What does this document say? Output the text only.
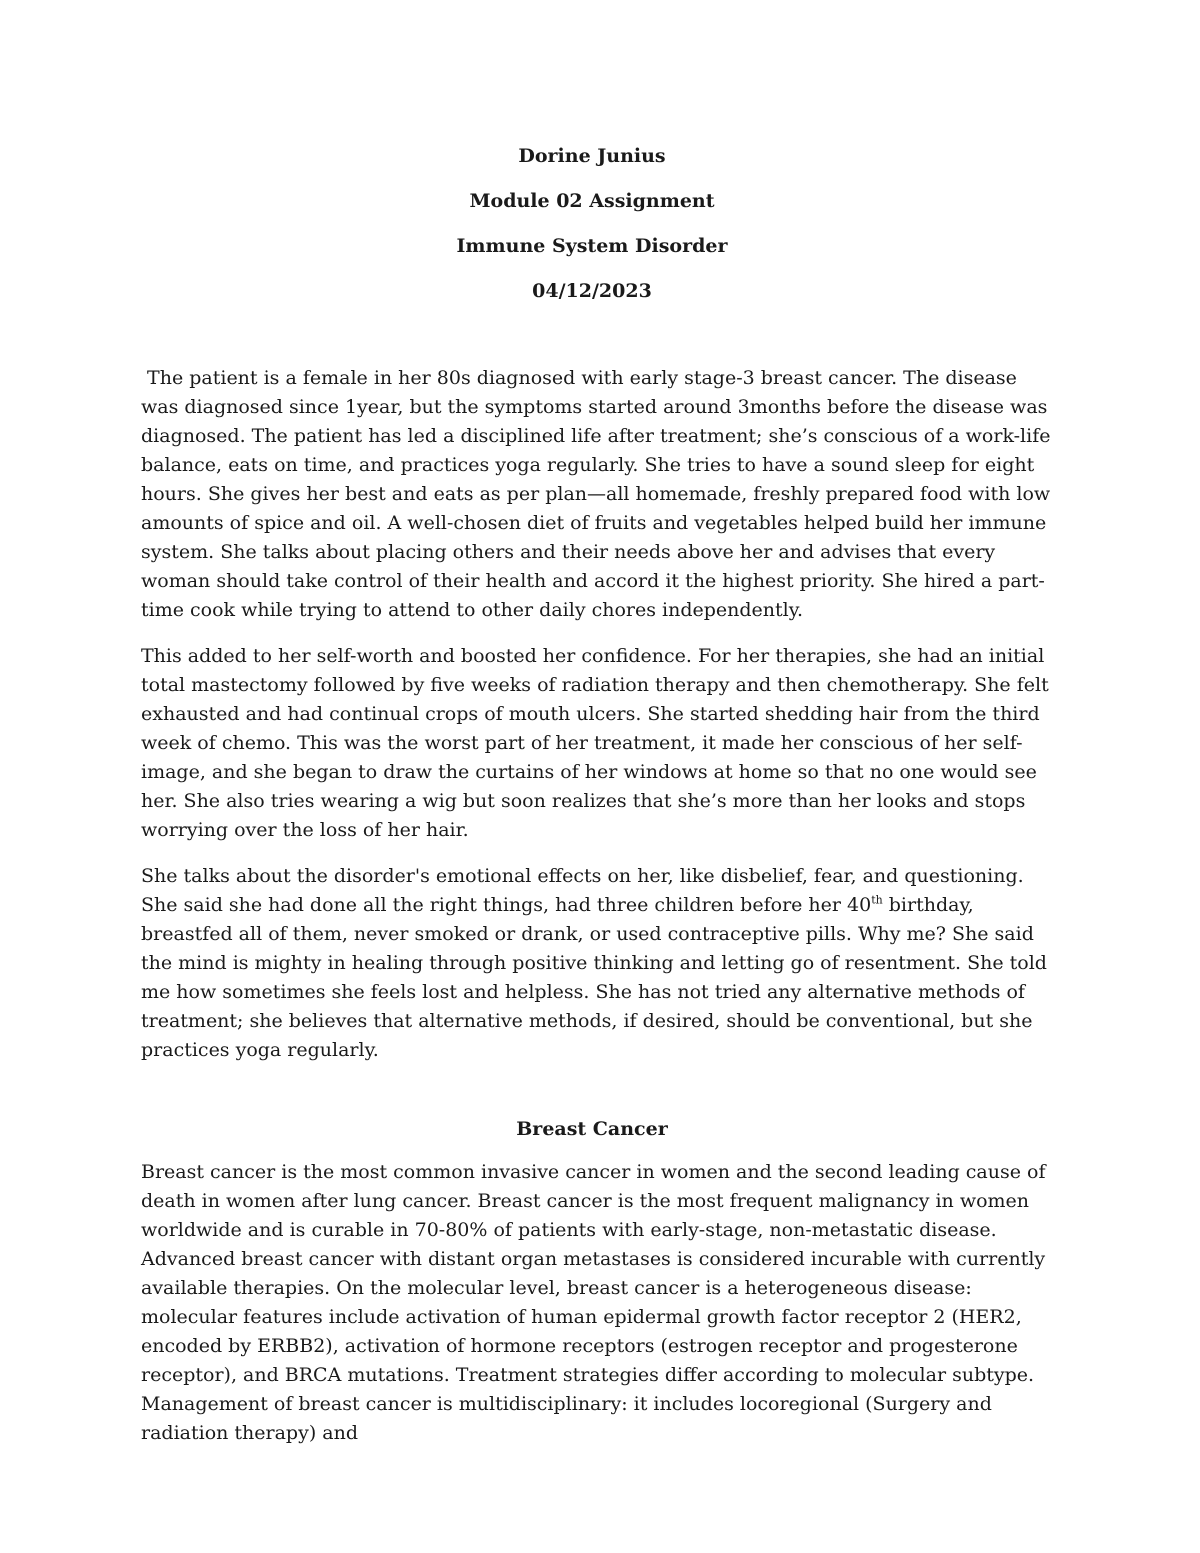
Dorine Junius
Module 02 Assignment
Immune System Disorder
04/12/2023

The patient is a female in her 80s diagnosed with early stage-3 breast cancer. The disease was diagnosed since 1year, but the symptoms started around 3months before the disease was diagnosed. The patient has led a disciplined life after treatment; she’s conscious of a work-life balance, eats on time, and practices yoga regularly. She tries to have a sound sleep for eight hours. She gives her best and eats as per plan—all homemade, freshly prepared food with low amounts of spice and oil. A well-chosen diet of fruits and vegetables helped build her immune system. She talks about placing others and their needs above her and advises that every woman should take control of their health and accord it the highest priority. She hired a part-time cook while trying to attend to other daily chores independently.

This added to her self-worth and boosted her confidence. For her therapies, she had an initial total mastectomy followed by five weeks of radiation therapy and then chemotherapy. She felt exhausted and had continual crops of mouth ulcers. She started shedding hair from the third week of chemo. This was the worst part of her treatment, it made her conscious of her self-image, and she began to draw the curtains of her windows at home so that no one would see her. She also tries wearing a wig but soon realizes that she’s more than her looks and stops worrying over the loss of her hair.

She talks about the disorder's emotional effects on her, like disbelief, fear, and questioning. She said she had done all the right things, had three children before her 40th birthday, breastfed all of them, never smoked or drank, or used contraceptive pills. Why me? She said the mind is mighty in healing through positive thinking and letting go of resentment. She told me how sometimes she feels lost and helpless. She has not tried any alternative methods of treatment; she believes that alternative methods, if desired, should be conventional, but she practices yoga regularly.

Breast Cancer

Breast cancer is the most common invasive cancer in women and the second leading cause of death in women after lung cancer. Breast cancer is the most frequent malignancy in women worldwide and is curable in 70-80% of patients with early-stage, non-metastatic disease. Advanced breast cancer with distant organ metastases is considered incurable with currently available therapies. On the molecular level, breast cancer is a heterogeneous disease: molecular features include activation of human epidermal growth factor receptor 2 (HER2, encoded by ERBB2), activation of hormone receptors (estrogen receptor and progesterone receptor), and BRCA mutations. Treatment strategies differ according to molecular subtype. Management of breast cancer is multidisciplinary: it includes locoregional (Surgery and radiation therapy) and
